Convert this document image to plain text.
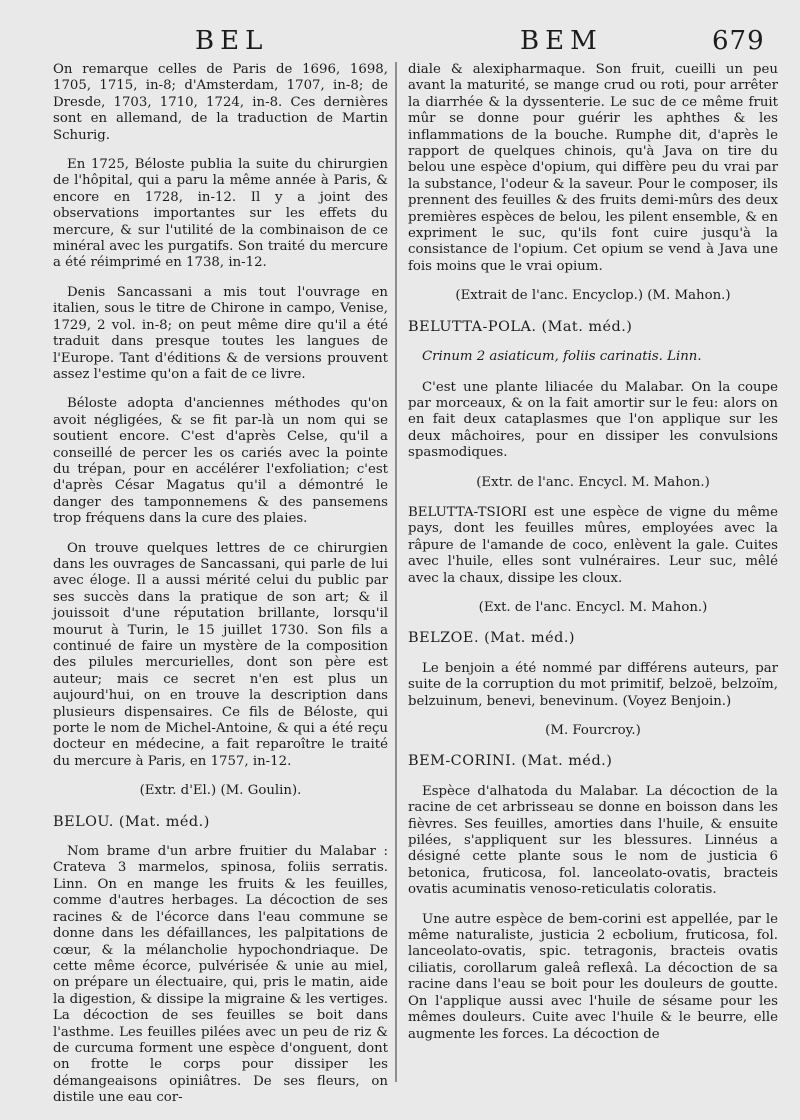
BEL	BEM	679

On remarque celles de Paris de 1696, 1698, 1705, 1715, in-8; d'Amsterdam, 1707, in-8; de Dresde, 1703, 1710, 1724, in-8. Ces dernières sont en allemand, de la traduction de Martin Schurig.

En 1725, Béloste publia la suite du chirurgien de l'hôpital, qui a paru la même année à Paris, & encore en 1728, in-12. Il y a joint des observations importantes sur les effets du mercure, & sur l'utilité de la combinaison de ce minéral avec les purgatifs. Son traité du mercure a été réimprimé en 1738, in-12.

Denis Sancassani a mis tout l'ouvrage en italien, sous le titre de Chirone in campo, Venise, 1729, 2 vol. in-8; on peut même dire qu'il a été traduit dans presque toutes les langues de l'Europe. Tant d'éditions & de versions prouvent assez l'estime qu'on a fait de ce livre.

Béloste adopta d'anciennes méthodes qu'on avoit négligées, & se fit par-là un nom qui se soutient encore. C'est d'après Celse, qu'il a conseillé de percer les os cariés avec la pointe du trépan, pour en accélérer l'exfoliation; c'est d'après César Magatus qu'il a démontré le danger des tamponnemens & des pansemens trop fréquens dans la cure des plaies.

On trouve quelques lettres de ce chirurgien dans les ouvrages de Sancassani, qui parle de lui avec éloge. Il a aussi mérité celui du public par ses succès dans la pratique de son art; & il jouissoit d'une réputation brillante, lorsqu'il mourut à Turin, le 15 juillet 1730. Son fils a continué de faire un mystère de la composition des pilules mercurielles, dont son père est auteur; mais ce secret n'en est plus un aujourd'hui, on en trouve la description dans plusieurs dispensaires. Ce fils de Béloste, qui porte le nom de Michel-Antoine, & qui a été reçu docteur en médecine, a fait reparoître le traité du mercure à Paris, en 1757, in-12.

(Extr. d'El.) (M. Goulin).

BELOU. (Mat. méd.)

Nom brame d'un arbre fruitier du Malabar : Crateva 3 marmelos, spinosa, foliis serratis. Linn. On en mange les fruits & les feuilles, comme d'autres herbages. La décoction de ses racines & de l'écorce dans l'eau commune se donne dans les défaillances, les palpitations de cœur, & la mélancholie hypochondriaque. De cette même écorce, pulvérisée & unie au miel, on prépare un électuaire, qui, pris le matin, aide la digestion, & dissipe la migraine & les vertiges. La décoction de ses feuilles se boit dans l'asthme. Les feuilles pilées avec un peu de riz & de curcuma forment une espèce d'onguent, dont on frotte le corps pour dissiper les démangeaisons opiniâtres. De ses fleurs, on distile une eau cor-

diale & alexipharmaque. Son fruit, cueilli un peu avant la maturité, se mange crud ou roti, pour arrêter la diarrhée & la dyssenterie. Le suc de ce même fruit mûr se donne pour guérir les aphthes & les inflammations de la bouche. Rumphe dit, d'après le rapport de quelques chinois, qu'à Java on tire du belou une espèce d'opium, qui diffère peu du vrai par la substance, l'odeur & la saveur. Pour le composer, ils prennent des feuilles & des fruits demi-mûrs des deux premières espèces de belou, les pilent ensemble, & en expriment le suc, qu'ils font cuire jusqu'à la consistance de l'opium. Cet opium se vend à Java une fois moins que le vrai opium.

(Extrait de l'anc. Encyclop.) (M. Mahon.)

BELUTTA-POLA. (Mat. méd.)
Crinum 2 asiaticum, foliis carinatis. Linn.

C'est une plante liliacée du Malabar. On la coupe par morceaux, & on la fait amortir sur le feu: alors on en fait deux cataplasmes que l'on applique sur les deux mâchoires, pour en dissiper les convulsions spasmodiques.

(Extr. de l'anc. Encycl. M. Mahon.)

BELUTTA-TSIORI est une espèce de vigne du même pays, dont les feuilles mûres, employées avec la râpure de l'amande de coco, enlèvent la gale. Cuites avec l'huile, elles sont vulnéraires. Leur suc, mêlé avec la chaux, dissipe les cloux.

(Ext. de l'anc. Encycl. M. Mahon.)

BELZOE. (Mat. méd.)

Le benjoin a été nommé par différens auteurs, par suite de la corruption du mot primitif, belzoë, belzoïm, belzuinum, benevi, benevinum. (Voyez Benjoin.)

(M. Fourcroy.)

BEM-CORINI. (Mat. méd.)

Espèce d'alhatoda du Malabar. La décoction de la racine de cet arbrisseau se donne en boisson dans les fièvres. Ses feuilles, amorties dans l'huile, & ensuite pilées, s'appliquent sur les blessures. Linnéus a désigné cette plante sous le nom de justicia 6 betonica, fruticosa, fol. lanceolato-ovatis, bracteis ovatis acuminatis venoso-reticulatis coloratis.

Une autre espèce de bem-corini est appellée, par le même naturaliste, justicia 2 ecbolium, fruticosa, fol. lanceolato-ovatis, spic. tetragonis, bracteis ovatis ciliatis, corollarum galeâ reflexâ. La décoction de sa racine dans l'eau se boit pour les douleurs de goutte. On l'applique aussi avec l'huile de sésame pour les mêmes douleurs. Cuite avec l'huile & le beurre, elle augmente les forces. La décoction de
